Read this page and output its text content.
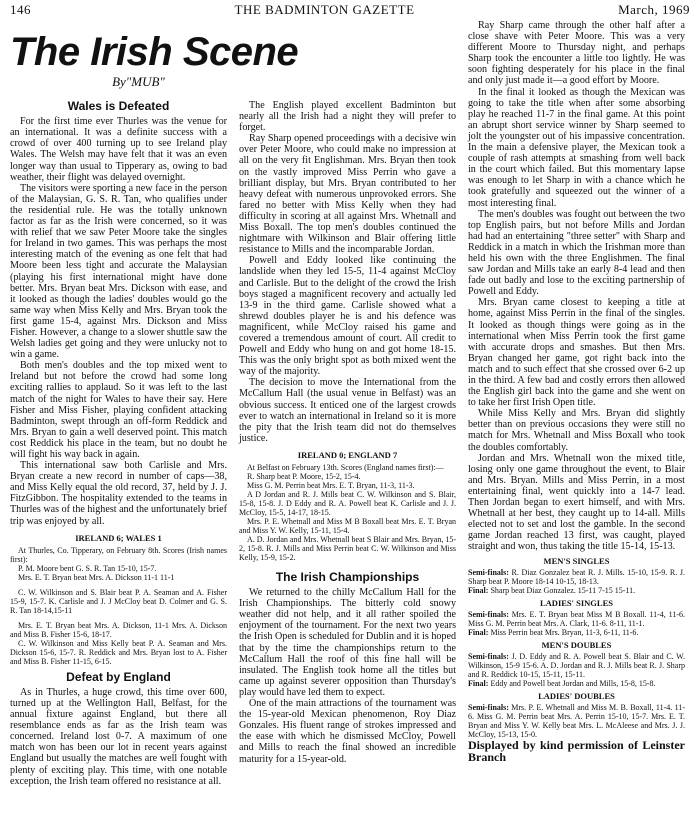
146	THE BADMINTON GAZETTE	March, 1969
The Irish Scene
By"MUB"
Wales is Defeated

For the first time ever Thurles was the venue for an international. It was a definite success with a crowd of over 400 turning up to see Ireland play Wales. The Welsh may have felt that it was an even longer way than usual to Tipperary as, owing to bad weather, their flight was delayed overnight.

The visitors were sporting a new face in the person of the Malaysian, G. S. R. Tan, who qualifies under the residential rule. He was the totally unknown factor as far as the Irish were concerned, so it was with relief that we saw Peter Moore take the singles for Ireland in two games. This was perhaps the most interesting match of the evening as one felt that had Moore been less tight and accurate the Malaysian (playing his first international might have done better. Mrs. Bryan beat Mrs. Dickson with ease, and it looked as though the ladies' doubles would go the same way when Miss Kelly and Mrs. Bryan took the first game 15-4, against Mrs. Dickson and Miss Fisher. However, a change to a slower shuttle saw the Welsh ladies get going and they were unlucky not to win a game.

Both men's doubles and the top mixed went to Ireland but not before the crowd had some long exciting rallies to applaud. So it was left to the last match of the night for Wales to have their say. Here Fisher and Miss Fisher, playing confident attacking Badminton, swept through an off-form Reddick and Mrs. Bryan to gain a well deserved point. This match cost Reddick his place in the team, but no doubt he will fight his way back in again.

This international saw both Carlisle and Mrs. Bryan create a new record in number of caps—38, and Miss Kelly equal the old record, 37, held by J. J. FitzGibbon. The hospitality extended to the teams in Thurles was of the highest and the unfortunately brief trip was enjoyed by all.

IRELAND 6; WALES 1

At Thurles, Co. Tipperary, on February 8th. Scores (Irish names first):

P. M. Moore bent G. S. R. Tan 15-10, 15-7.

Mrs. E. T. Bryan beat Mrs. A. Dickson 11-1 11-1

C. W. Wilkinson and S. Blair beat P. A. Seaman and A. Fisher 15-9, 15-7. K. Carlisle and J. J McCloy beat D. Colmer and G. S. R. Tan 18-14,15-11

Mrs. E. T. Bryan beat Mrs. A. Dickson, 11-1 Mrs. A. Dickson and Miss B. Fisher 15-6, 18-17.

C. W. Wilkinson and Miss Kelly beat P. A. Seaman and Mrs. Dickson 15-6, 15-7. R. Reddick and Mrs. Bryan lost to A. Fisher and Miss B. Fisher 11-15, 6-15.

Defeat by England

As in Thurles, a huge crowd, this time over 600, turned up at the Wellington Hall, Belfast, for the annual fixture against England, but there all resemblance ends as far as the Irish team was concerned. Ireland lost 0-7. A maximum of one match won has been our lot in recent years against England but usually the matches are well fought with plenty of exciting play. This time, with one notable exception, the Irish team offered no resistance at all.

The English played excellent Badminton but nearly all the Irish had a night they will prefer to forget.

Ray Sharp opened proceedings with a decisive win over Peter Moore, who could make no impression at all on the very fit Englishman. Mrs. Bryan then took on the vastly improved Miss Perrin who gave a brilliant display, but Mrs. Bryan contributed to her heavy defeat with numerous unprovoked errors. She fared no better with Miss Kelly when they had difficulty in scoring at all against Mrs. Whetnall and Miss Boxall. The top men's doubles continued the nightmare with Wilkinson and Blair offering little resistance to Mills and the incomparable Jordan.

Powell and Eddy looked like continuing the landslide when they led 15-5, 11-4 against McCloy and Carlisle. But to the delight of the crowd the Irish boys staged a magnificent recovery and actually led 13-9 in the third game. Carlisle showed what a shrewd doubles player he is and his defence was magnificent, while McCloy raised his game and covered a tremendous amount of court. All credit to Powell and Eddy who hung on and got home 18-15. This was the only bright spot as both mixed went the way of the majority.

The decision to move the International from the McCallum Hall (the usual venue in Belfast) was an obvious success. It enticed one of the largest crowds ever to watch an international in Ireland so it is more the pity that the Irish team did not do themselves justice.

IRELAND 0; ENGLAND 7

At Belfast on February 13th. Scores (England names first):—

R. Sharp beat P. Moore, 15-2, 15-4.

Miss G. M. Perrin beat Mrs. E. T. Bryan, 11-3, 11-3.

A D Jordan and R. J. Mills beat C. W. Wilkinson and S. Blair, 15-8, 15-8. J. D Eddy and R. A. Powell beat K. Carlisle and J. J. McCloy, 15-5, 14-17, 18-15.

Mrs. P. E. Whetnall and Miss M B Boxall beat Mrs. E. T. Bryan and Miss Y. W. Kelly, 15-11, 15-4.

A. D. Jordan and Mrs. Whetnall beat S Blair and Mrs. Bryan, 15-2, 15-8. R. J. Mills and Miss Perrin beat C. W. Wilkinson and Miss Kelly, 15-9, 15-2.

The Irish Championships

We returned to the chilly McCallum Hall for the Irish Championships. The bitterly cold snowy weather did not help, and it all rather spoiled the enjoyment of the tournament. For the next two years the Irish Open is scheduled for Dublin and it is hoped that by the time the championships return to the McCallum Hall the roof of this fine hall will be insulated. The English took home all the titles but came up against severer opposition than Thursday's play would have led them to expect.

One of the main attractions of the tournament was the 15-year-old Mexican phenomenon, Roy Diaz Gonzales. His fluent range of strokes impressed and the ease with which he dismissed McCloy, Powell and Mills to reach the final showed an incredible maturity for a 15-year-old.

Ray Sharp came through the other half after a close shave with Peter Moore. This was a very different Moore to Thursday night, and perhaps Sharp took the encounter a little too lightly. He was soon fighting desperately for his place in the final and only just made it—a good effort by Moore.

In the final it looked as though the Mexican was going to take the title when after some absorbing play he reached 11-7 in the final game. At this point an abrupt short service winner by Sharp seemed to jolt the youngster out of his impassive concentration. In the main a defensive player, the Mexican took a couple of rash attempts at smashing from well back in the court which failed. But this momentary lapse was enough to let Sharp in with a chance which he took gratefully and squeezed out the winner of a most interesting final.

The men's doubles was fought out between the two top English pairs, but not before Mills and Jordan had had an entertaining "three setter" with Sharp and Reddick in a match in which the Irishman more than held his own with the three Englishmen. The final saw Jordan and Mills take an early 8-4 lead and then fade out badly and lose to the exciting partnership of Powell and Eddy.

Mrs. Bryan came closest to keeping a title at home, against Miss Perrin in the final of the singles. It looked as though things were going as in the international when Miss Perrin took the first game with accurate drops and smashes. But then Mrs. Bryan changed her game, got right back into the match and to such effect that she crossed over 6-2 up in the third. A few bad and costly errors then allowed the English girl back into the game and she went on to take her first Irish Open title.

While Miss Kelly and Mrs. Bryan did slightly better than on previous occasions they were still no match for Mrs. Whetnall and Miss Boxall who took the doubles comfortably.

Jordan and Mrs. Whetnall won the mixed title, losing only one game throughout the event, to Blair and Mrs. Bryan. Mills and Miss Perrin, in a most entertaining final, went quickly into a 14-7 lead. Then Jordan began to exert himself, and with Mrs. Whetnall at her best, they caught up to 14-all. Mills elected not to set and lost the gamble. In the second game Jordan reached 13 first, was caught, played straight and won, thus taking the title 15-14, 15-13.

MEN'S SINGLES

Semi-finals: R. Diaz Gonzalez beat R. J. Mills. 15-10, 15-9. R. J. Sharp beat P. Moore 18-14 10-15, 18-13.

Final: Sharp beat Diaz Gonzalez. 15-11 7-15 15-11.

LADIES' SINGLES

Semi-finals: Mrs. E. T. Bryan beat Miss M B Boxall. 11-4, 11-6. Miss G. M. Perrin beat Mrs. A. Clark, 11-6. 8-11, 11-1.

Final: Miss Perrin beat Mrs. Bryan, 11-3, 6-11, 11-6.

MEN'S DOUBLES

Semi-finals: J. D. Eddy and R. A. Powell beat S. Blair and C. W. Wilkinson, 15-9 15-6. A. D. Jordan and R. J. Mills beat R. J. Sharp and R. Reddick 10-15, 15-11, 15-11.

Final: Eddy and Powell beat Jordan and Mills, 15-8, 15-8.

LADIES' DOUBLES

Semi-finals: Mrs. P. E. Whetnall and Miss M. B. Boxall, 11-4. 11-6. Miss G. M. Perrin beat Mrs. A. Perrin 15-10, 15-7. Mrs. E. T. Bryan and Miss Y. W. Kelly beat Mrs. L. McAleese and Mrs. J. J. McCloy, 15-13, 15-0.

Displayed by kind permission of Leinster Branch
